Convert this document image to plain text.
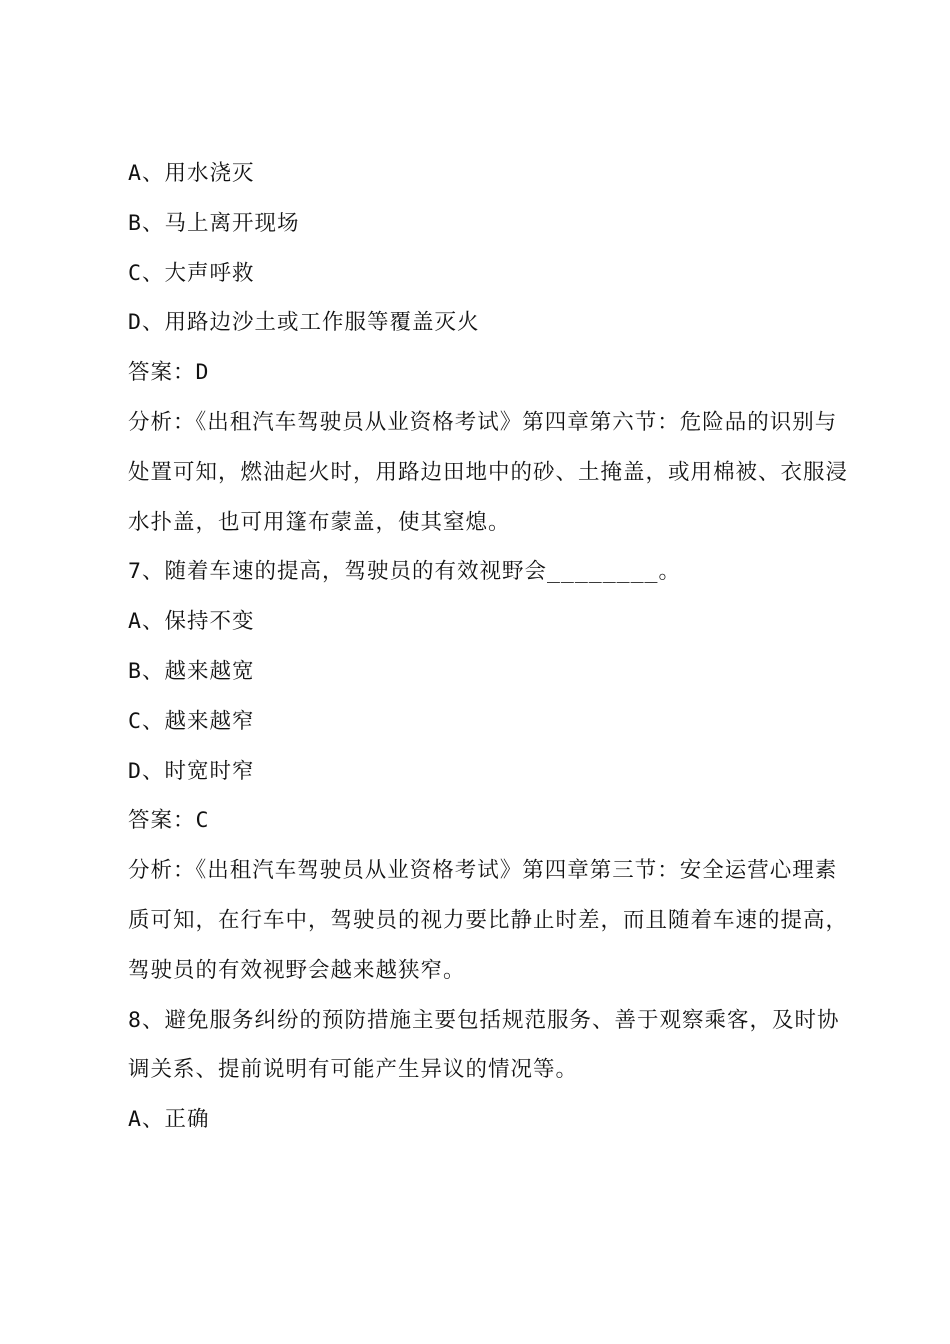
A、用水浇灭
B、马上离开现场
C、大声呼救
D、用路边沙土或工作服等覆盖灭火
答案：D
分析：《出租汽车驾驶员从业资格考试》第四章第六节：危险品的识别与
处置可知，燃油起火时，用路边田地中的砂、土掩盖，或用棉被、衣服浸
水扑盖，也可用篷布蒙盖，使其窒熄。
7、随着车速的提高，驾驶员的有效视野会________。
A、保持不变
B、越来越宽
C、越来越窄
D、时宽时窄
答案：C
分析：《出租汽车驾驶员从业资格考试》第四章第三节：安全运营心理素
质可知，在行车中，驾驶员的视力要比静止时差，而且随着车速的提高，
驾驶员的有效视野会越来越狭窄。
8、避免服务纠纷的预防措施主要包括规范服务、善于观察乘客，及时协
调关系、提前说明有可能产生异议的情况等。
A、正确
